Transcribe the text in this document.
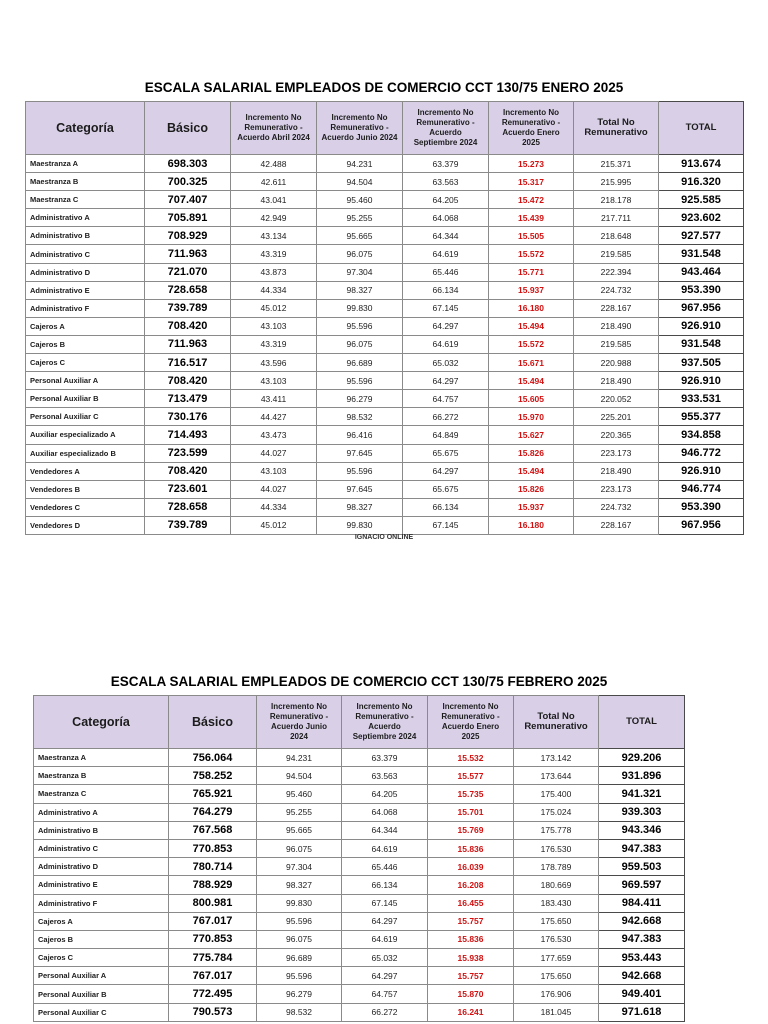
ESCALA SALARIAL EMPLEADOS DE COMERCIO CCT 130/75 ENERO 2025
Categoría	Básico	Incremento No Remunerativo - Acuerdo Abril 2024	Incremento No Remunerativo - Acuerdo Junio 2024	Incremento No Remunerativo - Acuerdo Septiembre 2024	Incremento No Remunerativo - Acuerdo Enero 2025	Total No Remunerativo	TOTAL
Maestranza A	698.303	42.488	94.231	63.379	15.273	215.371	913.674
Maestranza B	700.325	42.611	94.504	63.563	15.317	215.995	916.320
Maestranza C	707.407	43.041	95.460	64.205	15.472	218.178	925.585
Administrativo A	705.891	42.949	95.255	64.068	15.439	217.711	923.602
Administrativo B	708.929	43.134	95.665	64.344	15.505	218.648	927.577
Administrativo C	711.963	43.319	96.075	64.619	15.572	219.585	931.548
Administrativo D	721.070	43.873	97.304	65.446	15.771	222.394	943.464
Administrativo E	728.658	44.334	98.327	66.134	15.937	224.732	953.390
Administrativo F	739.789	45.012	99.830	67.145	16.180	228.167	967.956
Cajeros A	708.420	43.103	95.596	64.297	15.494	218.490	926.910
Cajeros B	711.963	43.319	96.075	64.619	15.572	219.585	931.548
Cajeros C	716.517	43.596	96.689	65.032	15.671	220.988	937.505
Personal Auxiliar A	708.420	43.103	95.596	64.297	15.494	218.490	926.910
Personal Auxiliar B	713.479	43.411	96.279	64.757	15.605	220.052	933.531
Personal Auxiliar C	730.176	44.427	98.532	66.272	15.970	225.201	955.377
Auxiliar especializado A	714.493	43.473	96.416	64.849	15.627	220.365	934.858
Auxiliar especializado B	723.599	44.027	97.645	65.675	15.826	223.173	946.772
Vendedores A	708.420	43.103	95.596	64.297	15.494	218.490	926.910
Vendedores B	723.601	44.027	97.645	65.675	15.826	223.173	946.774
Vendedores C	728.658	44.334	98.327	66.134	15.937	224.732	953.390
Vendedores D	739.789	45.012	99.830	67.145	16.180	228.167	967.956
IGNACIO ONLINE
ESCALA SALARIAL EMPLEADOS DE COMERCIO CCT 130/75 FEBRERO 2025
Categoría	Básico	Incremento No Remunerativo - Acuerdo Junio 2024	Incremento No Remunerativo - Acuerdo Septiembre 2024	Incremento No Remunerativo - Acuerdo Enero 2025	Total No Remunerativo	TOTAL
Maestranza A	756.064	94.231	63.379	15.532	173.142	929.206
Maestranza B	758.252	94.504	63.563	15.577	173.644	931.896
Maestranza C	765.921	95.460	64.205	15.735	175.400	941.321
Administrativo A	764.279	95.255	64.068	15.701	175.024	939.303
Administrativo B	767.568	95.665	64.344	15.769	175.778	943.346
Administrativo C	770.853	96.075	64.619	15.836	176.530	947.383
Administrativo D	780.714	97.304	65.446	16.039	178.789	959.503
Administrativo E	788.929	98.327	66.134	16.208	180.669	969.597
Administrativo F	800.981	99.830	67.145	16.455	183.430	984.411
Cajeros A	767.017	95.596	64.297	15.757	175.650	942.668
Cajeros B	770.853	96.075	64.619	15.836	176.530	947.383
Cajeros C	775.784	96.689	65.032	15.938	177.659	953.443
Personal Auxiliar A	767.017	95.596	64.297	15.757	175.650	942.668
Personal Auxiliar B	772.495	96.279	64.757	15.870	176.906	949.401
Personal Auxiliar C	790.573	98.532	66.272	16.241	181.045	971.618
